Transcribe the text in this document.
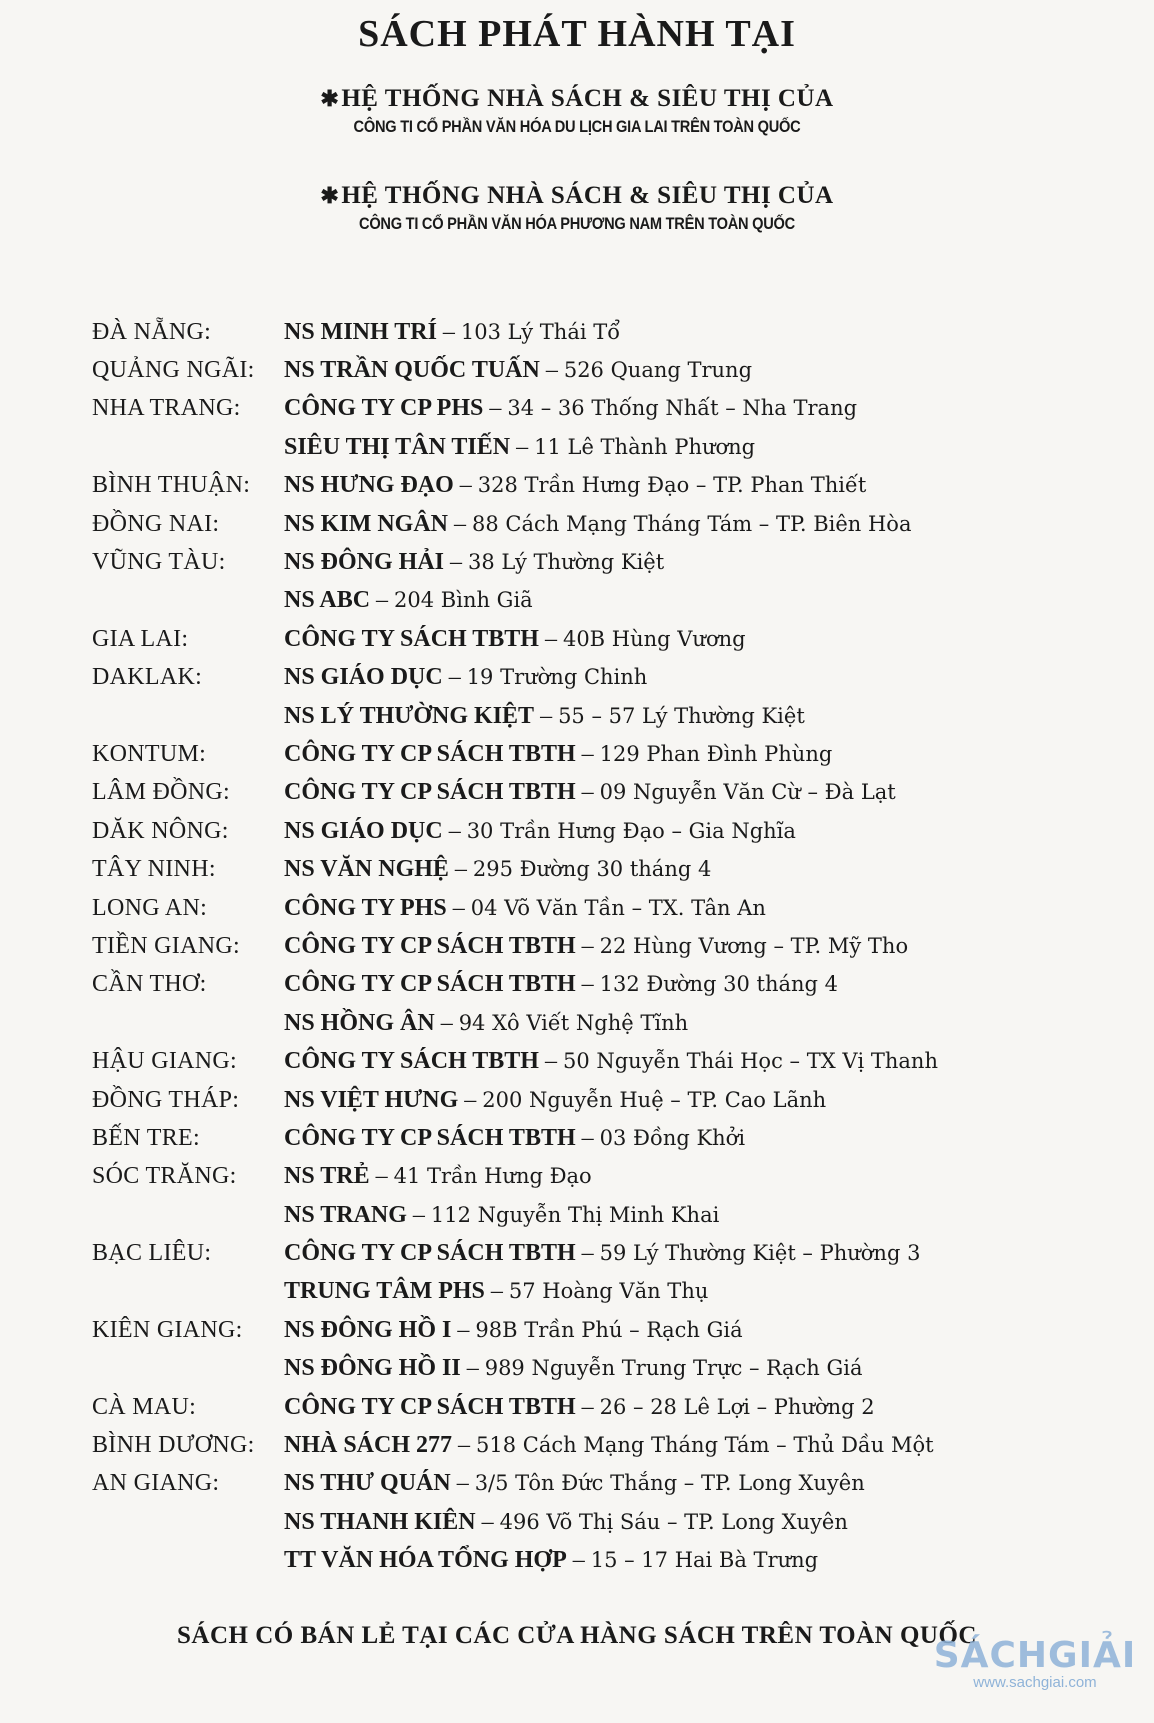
SÁCH PHÁT HÀNH TẠI
✱HỆ THỐNG NHÀ SÁCH & SIÊU THỊ CỦA
CÔNG TI CỔ PHẦN VĂN HÓA DU LỊCH GIA LAI TRÊN TOÀN QUỐC
✱HỆ THỐNG NHÀ SÁCH & SIÊU THỊ CỦA
CÔNG TI CỔ PHẦN VĂN HÓA PHƯƠNG NAM TRÊN TOÀN QUỐC
ĐÀ NẴNG:	NS MINH TRÍ – 103 Lý Thái Tổ
QUẢNG NGÃI:	NS TRẦN QUỐC TUẤN – 526 Quang Trung
NHA TRANG:	CÔNG TY CP PHS – 34 – 36 Thống Nhất – Nha Trang
SIÊU THỊ TÂN TIẾN – 11 Lê Thành Phương
BÌNH THUẬN:	NS HƯNG ĐẠO – 328 Trần Hưng Đạo – TP. Phan Thiết
ĐỒNG NAI:	NS KIM NGÂN – 88 Cách Mạng Tháng Tám – TP. Biên Hòa
VŨNG TÀU:	NS ĐÔNG HẢI – 38 Lý Thường Kiệt
NS ABC – 204 Bình Giã
GIA LAI:	CÔNG TY SÁCH TBTH – 40B Hùng Vương
DAKLAK:	NS GIÁO DỤC – 19 Trường Chinh
NS LÝ THƯỜNG KIỆT – 55 – 57 Lý Thường Kiệt
KONTUM:	CÔNG TY CP SÁCH TBTH – 129 Phan Đình Phùng
LÂM ĐỒNG:	CÔNG TY CP SÁCH TBTH – 09 Nguyễn Văn Cừ – Đà Lạt
DĂK NÔNG:	NS GIÁO DỤC – 30 Trần Hưng Đạo – Gia Nghĩa
TÂY NINH:	NS VĂN NGHỆ – 295 Đường 30 tháng 4
LONG AN:	CÔNG TY PHS – 04 Võ Văn Tần – TX. Tân An
TIỀN GIANG:	CÔNG TY CP SÁCH TBTH – 22 Hùng Vương – TP. Mỹ Tho
CẦN THƠ:	CÔNG TY CP SÁCH TBTH – 132 Đường 30 tháng 4
NS HỒNG ÂN – 94 Xô Viết Nghệ Tĩnh
HẬU GIANG:	CÔNG TY SÁCH TBTH – 50 Nguyễn Thái Học – TX Vị Thanh
ĐỒNG THÁP:	NS VIỆT HƯNG – 200 Nguyễn Huệ – TP. Cao Lãnh
BẾN TRE:	CÔNG TY CP SÁCH TBTH – 03 Đồng Khởi
SÓC TRĂNG:	NS TRẺ – 41 Trần Hưng Đạo
NS TRANG – 112 Nguyễn Thị Minh Khai
BẠC LIÊU:	CÔNG TY CP SÁCH TBTH – 59 Lý Thường Kiệt – Phường 3
TRUNG TÂM PHS – 57 Hoàng Văn Thụ
KIÊN GIANG:	NS ĐÔNG HỒ I – 98B Trần Phú – Rạch Giá
NS ĐÔNG HỒ II – 989 Nguyễn Trung Trực – Rạch Giá
CÀ MAU:	CÔNG TY CP SÁCH TBTH – 26 – 28 Lê Lợi – Phường 2
BÌNH DƯƠNG:	NHÀ SÁCH 277 – 518 Cách Mạng Tháng Tám – Thủ Dầu Một
AN GIANG:	NS THƯ QUÁN – 3/5 Tôn Đức Thắng – TP. Long Xuyên
NS THANH KIÊN – 496 Võ Thị Sáu – TP. Long Xuyên
TT VĂN HÓA TỔNG HỢP – 15 – 17 Hai Bà Trưng
SÁCH CÓ BÁN LẺ TẠI CÁC CỬA HÀNG SÁCH TRÊN TOÀN QUỐC
SÁCHGIẢI
www.sachgiai.com
